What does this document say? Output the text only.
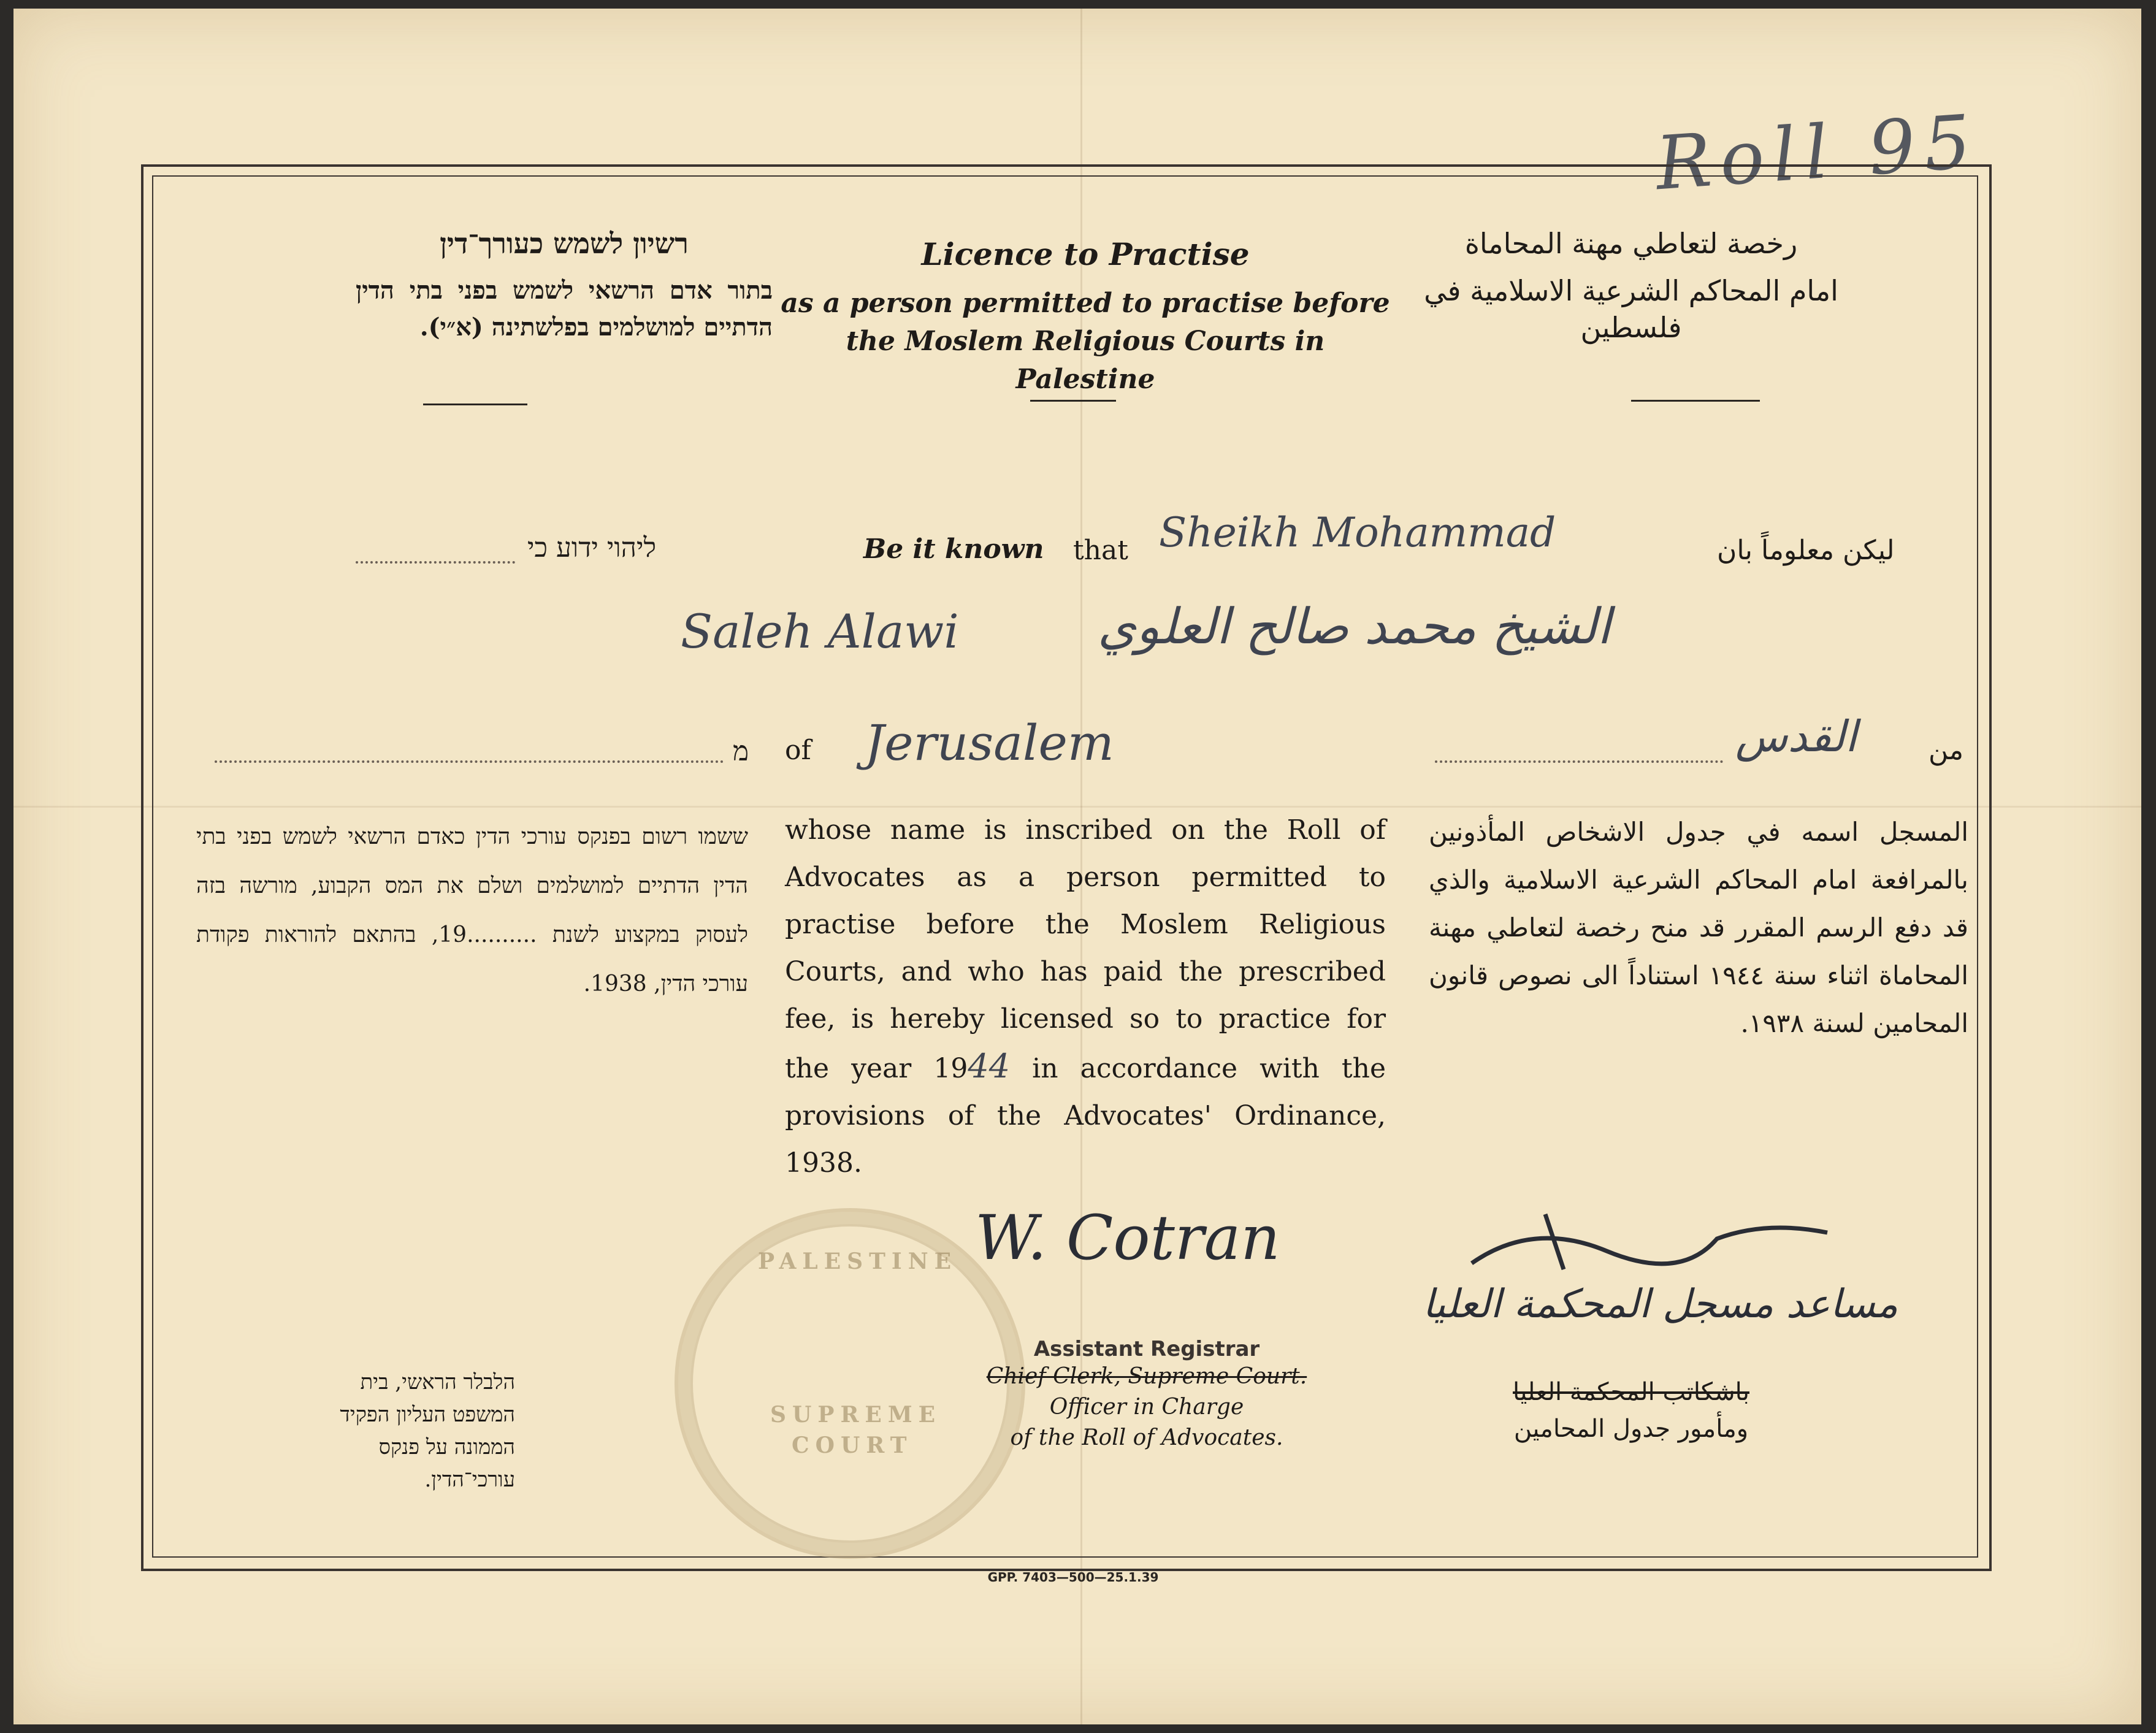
Roll 95
רשיון לשמש כעורך־דין
בתור אדם הרשאי לשמש בפני בתי הדין הדתיים למושלמים בפלשתינה (א״י).
Licence to Practise
as a person permitted to practise before the Moslem Religious Courts in Palestine
رخصة لتعاطي مهنة المحاماة
امام المحاكم الشرعية الاسلامية في فلسطين
ליהוי ידוע כי	Be it known that	ليكن معلوماً بان
Sheikh Mohammad
Saleh Alawi	الشيخ محمد صالح العلوي
מ of Jerusalem	القدس	من
ששמו רשום בפנקס עורכי הדין כאדם הרשאי לשמש בפני בתי הדין הדתיים למושלמים ושלם את המס הקבוע, מורשה בזה לעסוק במקצוע לשנת ..........19, בהתאם להוראות פקודת עורכי הדין, 1938.
whose name is inscribed on the Roll of Advocates as a person permitted to practise before the Moslem Religious Courts, and who has paid the prescribed fee, is hereby licensed so to practice for the year 1944 in accordance with the provisions of the Advocates' Ordinance, 1938.
المسجل اسمه في جدول الاشخاص المأذونين بالمرافعة امام المحاكم الشرعية الاسلامية والذي قد دفع الرسم المقرر قد منح رخصة لتعاطي مهنة المحاماة اثناء سنة ١٩٤٤ استناداً الى نصوص قانون المحامين لسنة ١٩٣٨.
PALESTINE
SUPREME
COURT
W. Cotran
Assistant Registrar
Chief Clerk, Supreme Court.
Officer in Charge
of the Roll of Advocates.
הלבלר הראשי, בית המשפט העליון הפקיד הממונה על פנקס עורכי־הדין.
مساعد مسجل المحكمة العليا
باشكاتب المحكمة العليا
ومأمور جدول المحامين
GPP. 7403—500—25.1.39
